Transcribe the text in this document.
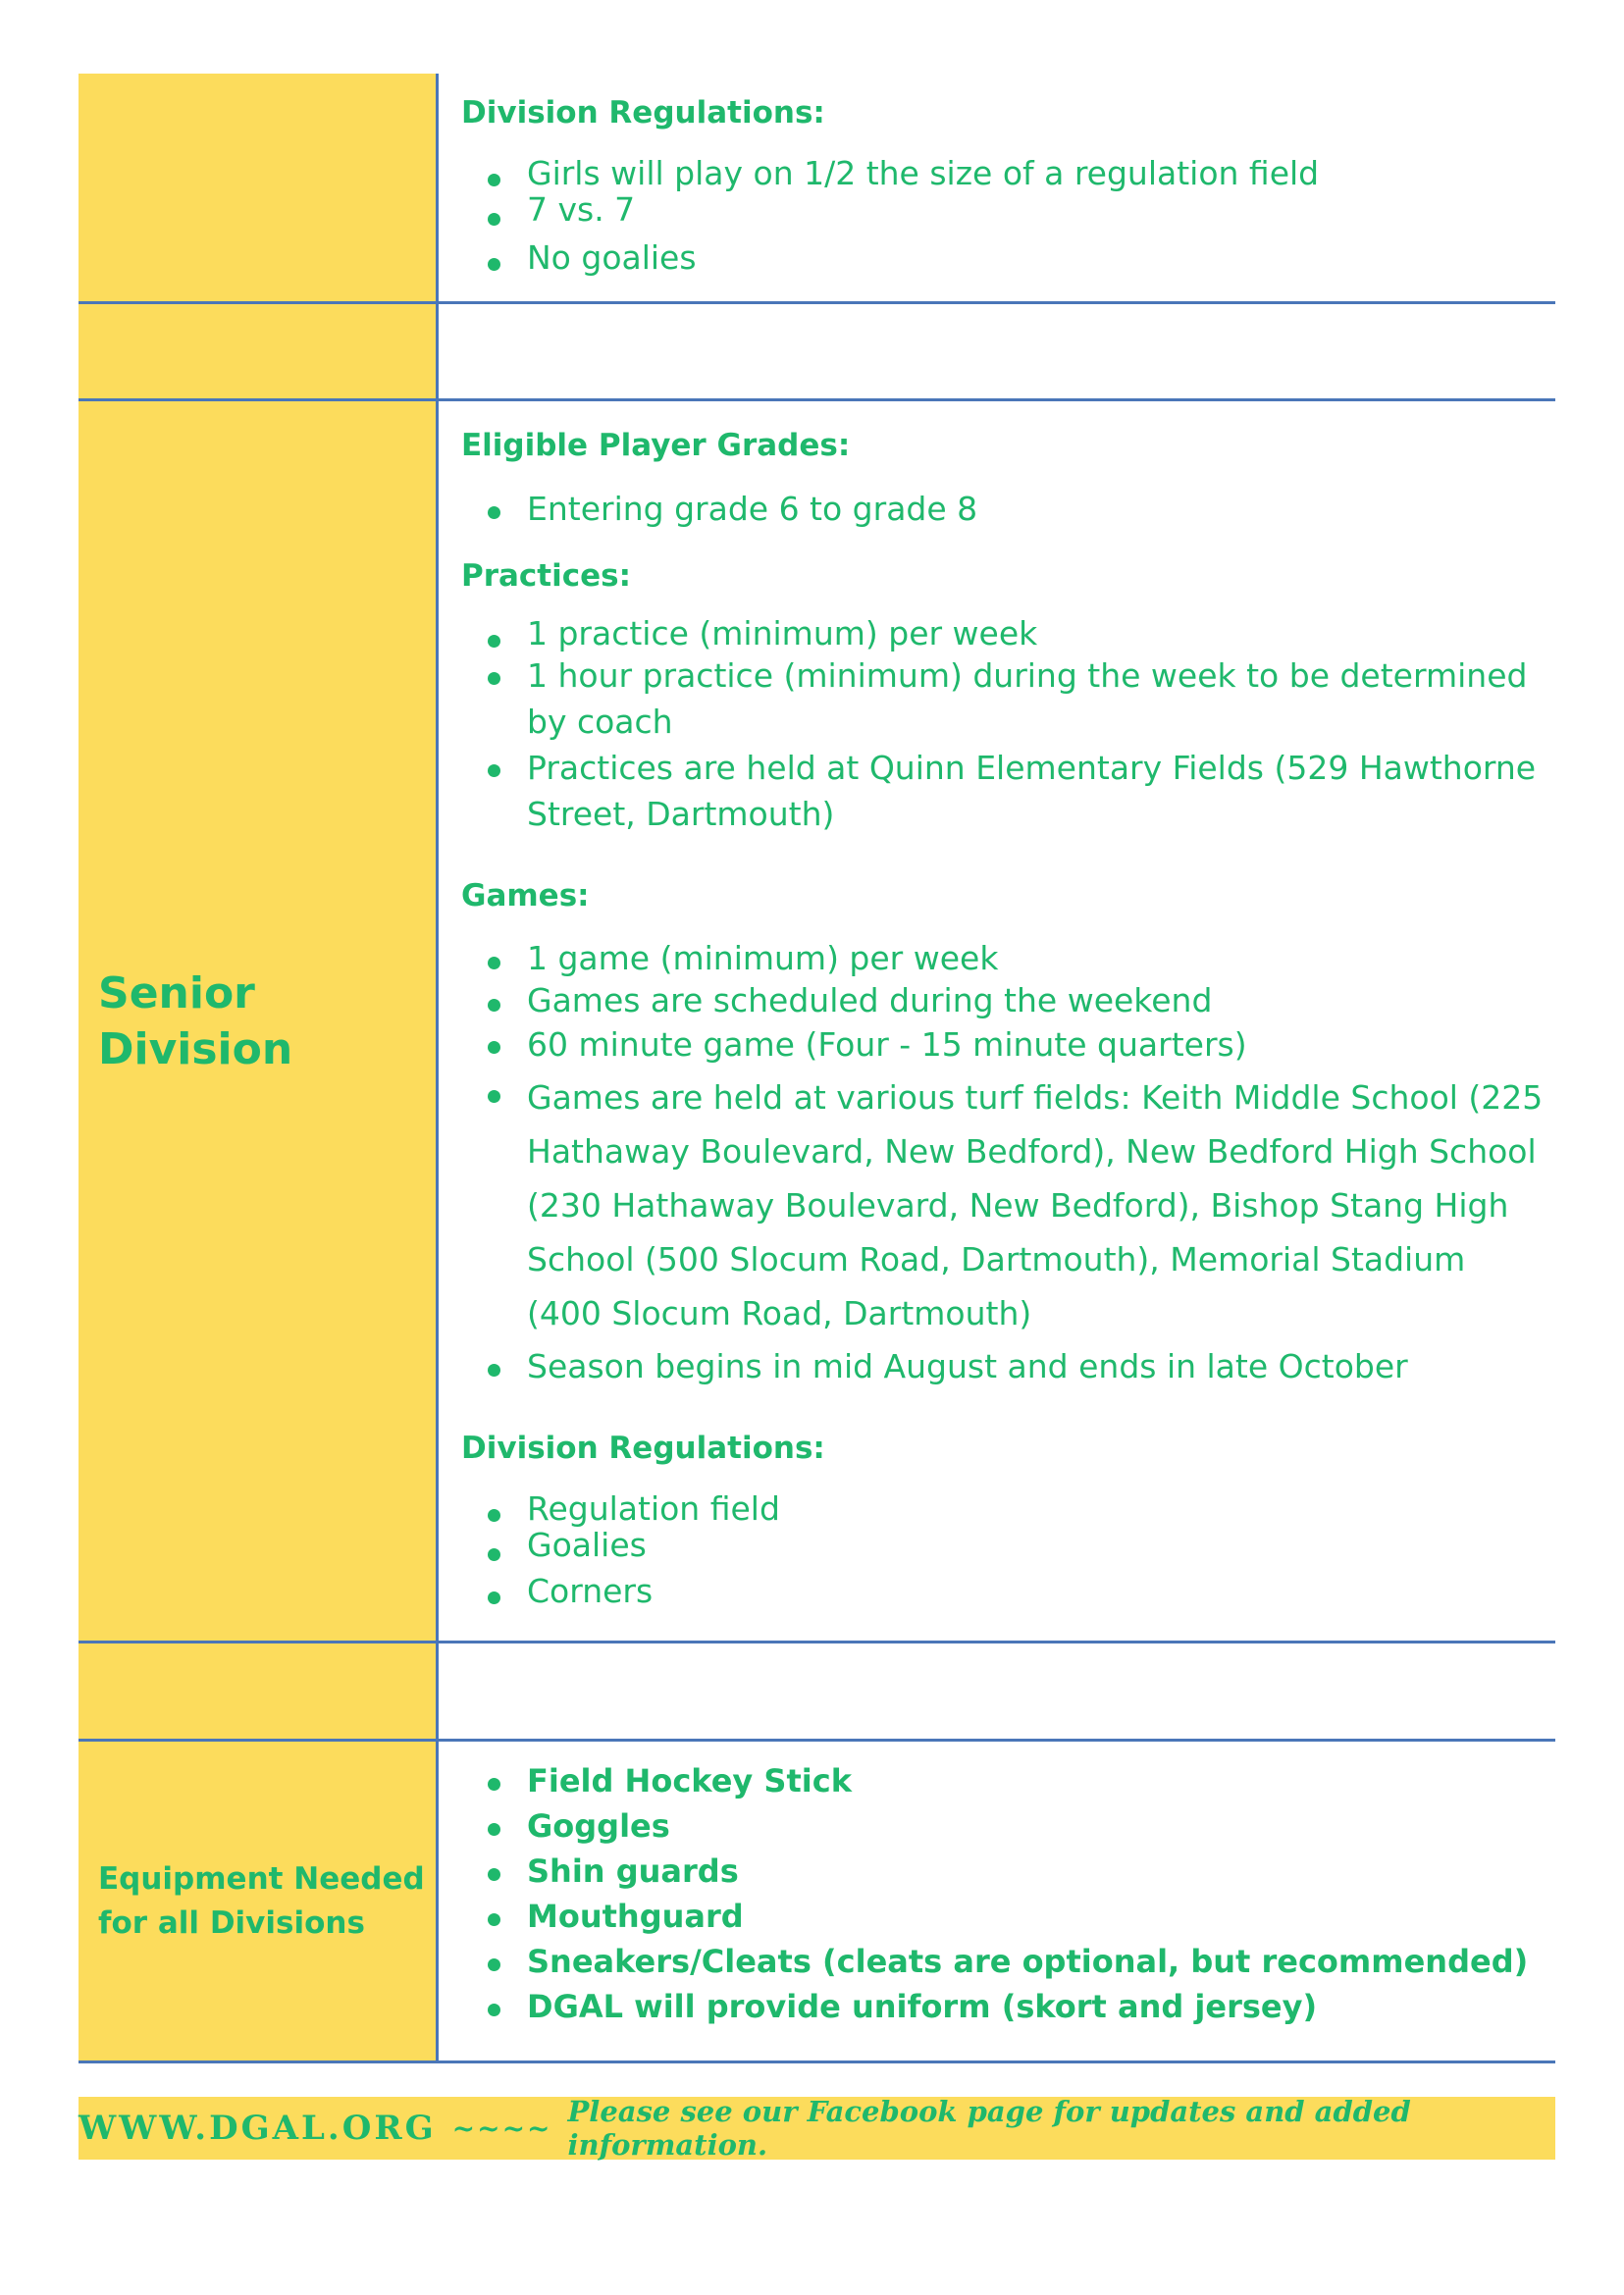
Division Regulations:

Girls will play on 1/2 the size of a regulation field
7 vs. 7
No goalies
Senior
Division

Eligible Player Grades:

Entering grade 6 to grade 8

Practices:

1 practice (minimum) per week
1 hour practice (minimum) during the week to be determined by coach
Practices are held at Quinn Elementary Fields (529 Hawthorne Street, Dartmouth)

Games:

1 game (minimum) per week
Games are scheduled during the weekend
60 minute game (Four - 15 minute quarters)
Games are held at various turf fields: Keith Middle School (225 Hathaway Boulevard, New Bedford), New Bedford High School (230 Hathaway Boulevard, New Bedford), Bishop Stang High School (500 Slocum Road, Dartmouth), Memorial Stadium (400 Slocum Road, Dartmouth)
Season begins in mid August and ends in late October

Division Regulations:

Regulation field
Goalies
Corners
Equipment Needed
for all Divisions
Field Hockey Stick
Goggles
Shin guards
Mouthguard
Sneakers/Cleats (cleats are optional, but recommended)
DGAL will provide uniform (skort and jersey)
WWW.DGAL.ORG ~~~~ Please see our Facebook page for updates and added information.
